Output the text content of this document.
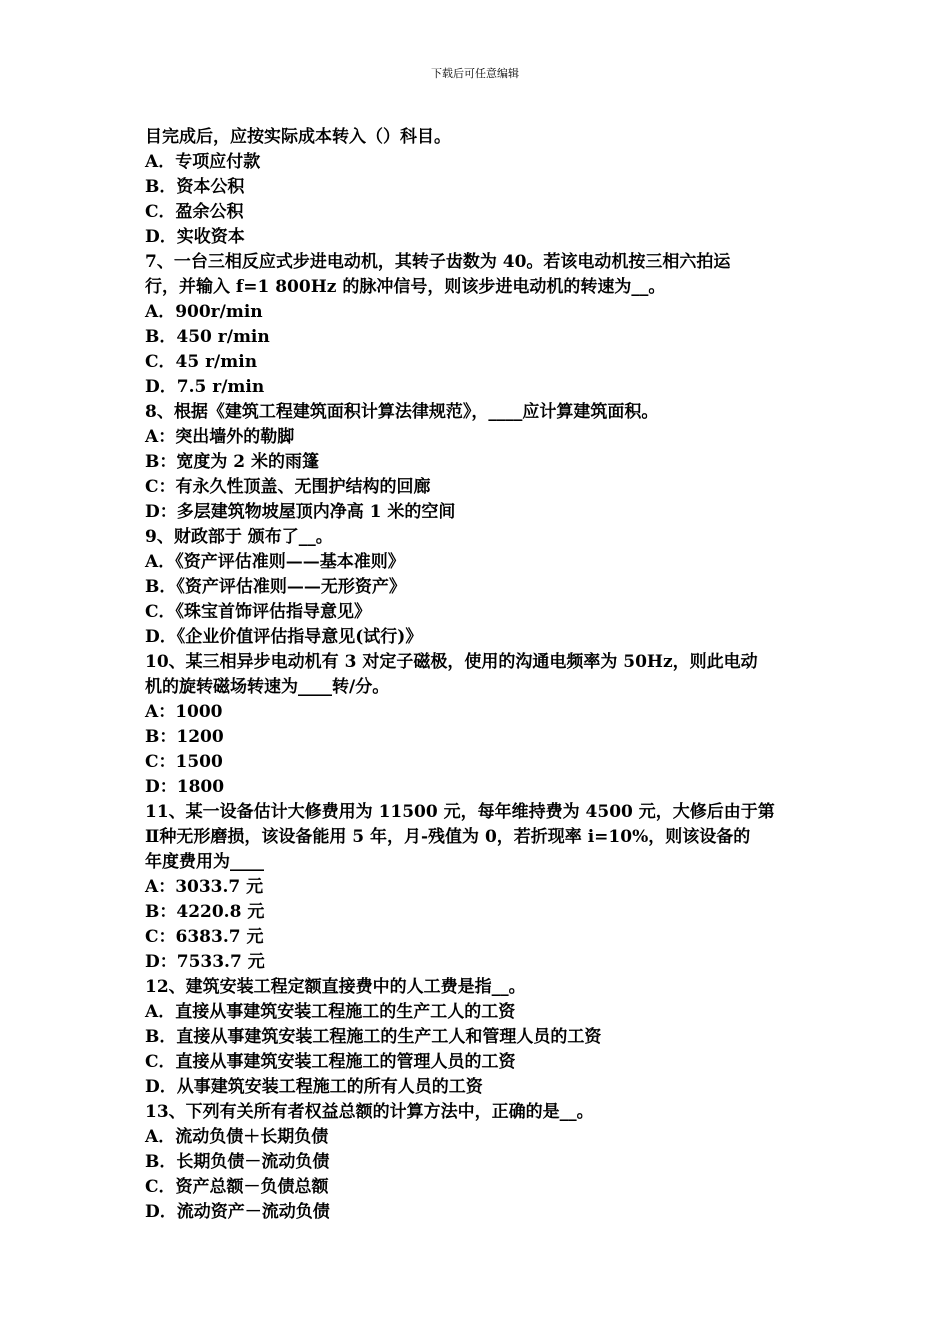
下载后可任意编辑
目完成后，应按实际成本转入（）科目。
A．专项应付款
B．资本公积
C．盈余公积
D．实收资本
7、一台三相反应式步进电动机，其转子齿数为 40。若该电动机按三相六拍运
行，并输入 f=1 800Hz 的脉冲信号，则该步进电动机的转速为__。
A．900r/min
B．450 r/min
C．45 r/min
D．7.5 r/min
8、根据《建筑工程建筑面积计算法律规范》，____应计算建筑面积。
A：突出墙外的勒脚
B：宽度为 2 米的雨篷
C：有永久性顶盖、无围护结构的回廊
D：多层建筑物坡屋顶内净高 1 米的空间
9、财政部于 颁布了__。
A．《资产评估准则——基本准则》
B．《资产评估准则——无形资产》
C．《珠宝首饰评估指导意见》
D．《企业价值评估指导意见(试行)》
10、某三相异步电动机有 3 对定子磁极，使用的沟通电频率为 50Hz，则此电动
机的旋转磁场转速为____转/分。
A：1000
B：1200
C：1500
D：1800
11、某一设备估计大修费用为 11500 元，每年维持费为 4500 元，大修后由于第
Ⅱ种无形磨损，该设备能用 5 年，月-残值为 0，若折现率 i=10%，则该设备的
年度费用为____
A：3033.7 元
B：4220.8 元
C：6383.7 元
D：7533.7 元
12、建筑安装工程定额直接费中的人工费是指__。
A．直接从事建筑安装工程施工的生产工人的工资
B．直接从事建筑安装工程施工的生产工人和管理人员的工资
C．直接从事建筑安装工程施工的管理人员的工资
D．从事建筑安装工程施工的所有人员的工资
13、下列有关所有者权益总额的计算方法中，正确的是__。
A．流动负债＋长期负债
B．长期负债－流动负债
C．资产总额－负债总额
D．流动资产－流动负债
